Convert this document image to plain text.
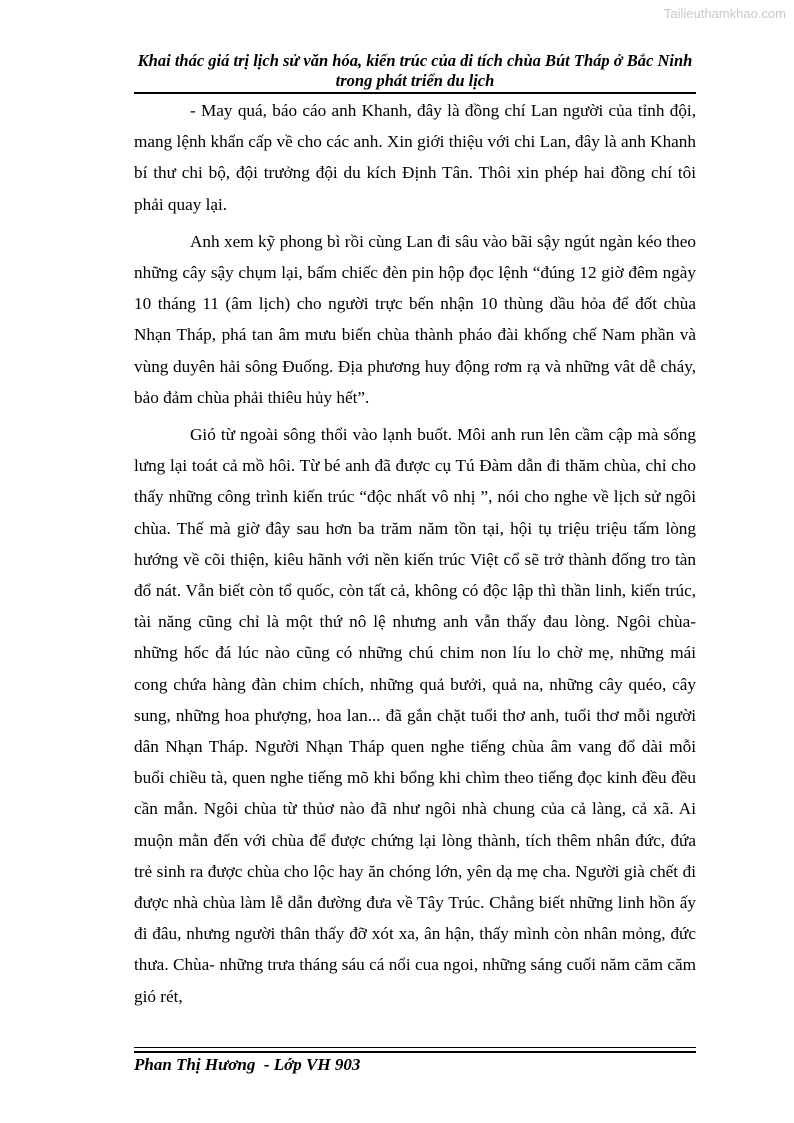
Tailieuthamkhao.com
Khai thác giá trị lịch sử văn hóa, kiến trúc của di tích chùa Bút Tháp ở Bắc Ninh trong phát triển du lịch

- May quá, báo cáo anh Khanh, đây là đồng chí Lan người của tỉnh đội, mang lệnh khẩn cấp về cho các anh. Xin giới thiệu với chi Lan, đây là anh Khanh bí thư chi bộ, đội trưởng đội du kích Định Tân. Thôi xin phép hai đồng chí tôi phải quay lại.

Anh xem kỹ phong bì rồi cùng Lan đi sâu vào bãi sậy ngút ngàn kéo theo những cây sậy chụm lại, bấm chiếc đèn pin hộp đọc lệnh “đúng 12 giờ đêm ngày 10 tháng 11 (âm lịch) cho người trực bến nhận 10 thùng dầu hỏa để đốt chùa Nhạn Tháp, phá tan âm mưu biến chùa thành pháo đài khống chế Nam phần và vùng duyên hải sông Đuống. Địa phương huy động rơm rạ và những vât dễ cháy, bảo đảm chùa phải thiêu hủy hết”.

Gió từ ngoài sông thổi vào lạnh buốt. Môi anh run lên cầm cập mà sống lưng lại toát cả mồ hôi. Từ bé anh đã được cụ Tú Đàm dẫn đi thăm chùa, chỉ cho thấy những công trình kiến trúc “độc nhất vô nhị ”, nói cho nghe về lịch sử ngôi chùa. Thế mà giờ đây sau hơn ba trăm năm tồn tại, hội tụ triệu triệu tấm lòng hướng về cõi thiện, kiêu hãnh với nền kiến trúc Việt cổ sẽ trở thành đống tro tàn đổ nát. Vẫn biết còn tổ quốc, còn tất cả, không có độc lập thì thần linh, kiến trúc, tài năng cũng chỉ là một thứ nô lệ nhưng anh vẫn thấy đau lòng. Ngôi chùa- những hốc đá lúc nào cũng có những chú chim non líu lo chờ mẹ, những mái cong chứa hàng đàn chim chích, những quả bưởi, quả na, những cây quéo, cây sung, những hoa phượng, hoa lan... đã gắn chặt tuổi thơ anh, tuổi thơ mỗi người dân Nhạn Tháp. Người Nhạn Tháp quen nghe tiếng chùa âm vang đổ dài mỗi buổi chiều tà, quen nghe tiếng mõ khi bổng khi chìm theo tiếng đọc kinh đều đều cần mẫn. Ngôi chùa từ thủơ nào đã như ngôi nhà chung của cả làng, cả xã. Ai muộn mằn đến với chùa để được chứng lại lòng thành, tích thêm nhân đức, đứa trẻ sinh ra được chùa cho lộc hay ăn chóng lớn, yên dạ mẹ cha. Người già chết đi được nhà chùa làm lễ dẫn đường đưa về Tây Trúc. Chẳng biết những linh hồn ấy đi đâu, nhưng người thân thấy đỡ xót xa, ân hận, thấy mình còn nhân mỏng, đức thưa. Chùa- những trưa tháng sáu cá nổi cua ngoi, những sáng cuối năm căm căm gió rét,

Phan Thị Hương  - Lớp VH 903
